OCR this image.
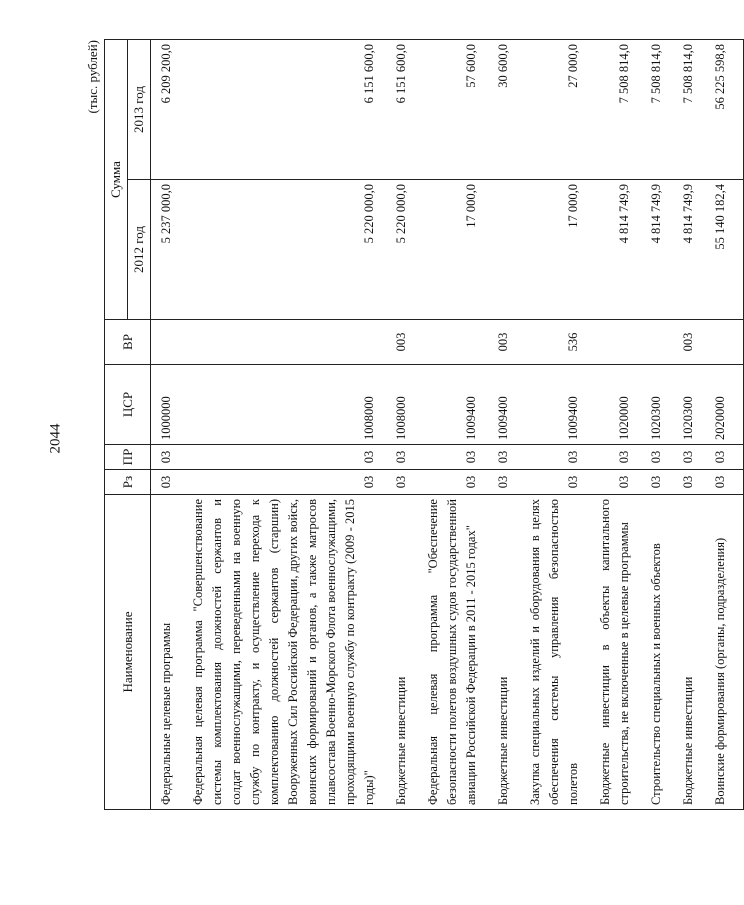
2044
(тыс. рублей)
Наименование	Рз	ПР	ЦСР	ВР	Сумма	
					2012 год	2013 год
Федеральные целевые программы	03	03	1000000		5 237 000,0	6 209 200,0
Федеральная целевая программа "Совершенствование системы комплектования должностей сержантов и солдат военнослужащими, переведенными на военную службу по контракту, и осуществление перехода к комплектованию должностей сержантов (старшин) Вооруженных Сил Российской Федерации, других войск, воинских формирований и органов, а также матросов плавсостава Военно-Морского Флота военнослужащими, проходящими военную службу по контракту (2009 - 2015 годы)"	03	03	1008000		5 220 000,0	6 151 600,0
Бюджетные инвестиции	03	03	1008000	003	5 220 000,0	6 151 600,0
Федеральная целевая программа "Обеспечение безопасности полетов воздушных судов государственной авиации Российской Федерации в 2011 - 2015 годах"	03	03	1009400		17 000,0	57 600,0
Бюджетные инвестиции	03	03	1009400	003		30 600,0
Закупка специальных изделий и оборудования в целях обеспечения системы управления безопасностью полетов	03	03	1009400	536	17 000,0	27 000,0
Бюджетные инвестиции в объекты капитального строительства, не включенные в целевые программы	03	03	1020000		4 814 749,9	7 508 814,0
Строительство специальных и военных объектов	03	03	1020300		4 814 749,9	7 508 814,0
Бюджетные инвестиции	03	03	1020300	003	4 814 749,9	7 508 814,0
Воинские формирования (органы, подразделения)	03	03	2020000		55 140 182,4	56 225 598,8
